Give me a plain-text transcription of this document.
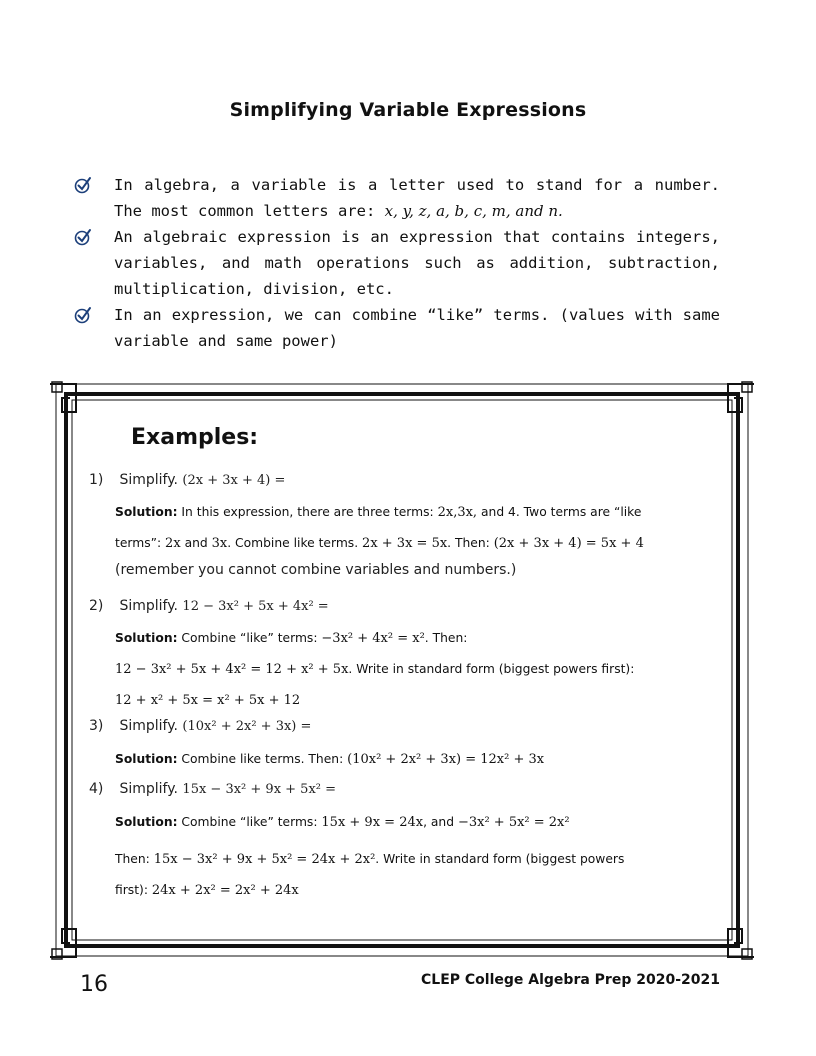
Simplifying Variable Expressions
In algebra, a variable is a letter used to stand for a number. The most common letters are: x, y, z, a, b, c, m, and n.
An algebraic expression is an expression that contains integers, variables, and math operations such as addition, subtraction, multiplication, division, etc.
In an expression, we can combine “like” terms. (values with same variable and same power)
Examples:
1) Simplify. (2x + 3x + 4) =
Solution: In this expression, there are three terms: 2x,3x, and 4. Two terms are “like
terms”: 2x and 3x. Combine like terms. 2x + 3x = 5x. Then: (2x + 3x + 4) = 5x + 4
(remember you cannot combine variables and numbers.)
2) Simplify. 12 − 3x² + 5x + 4x² =
Solution: Combine “like” terms: −3x² + 4x² = x². Then:
12 − 3x² + 5x + 4x² = 12 + x² + 5x. Write in standard form (biggest powers first):
12 + x² + 5x = x² + 5x + 12
3) Simplify. (10x² + 2x² + 3x) =
Solution: Combine like terms. Then: (10x² + 2x² + 3x) = 12x² + 3x
4) Simplify. 15x − 3x² + 9x + 5x² =
Solution: Combine “like” terms: 15x + 9x = 24x, and −3x² + 5x² = 2x²
Then: 15x − 3x² + 9x + 5x² = 24x + 2x². Write in standard form (biggest powers
first): 24x + 2x² = 2x² + 24x
16	CLEP College Algebra Prep 2020-2021
